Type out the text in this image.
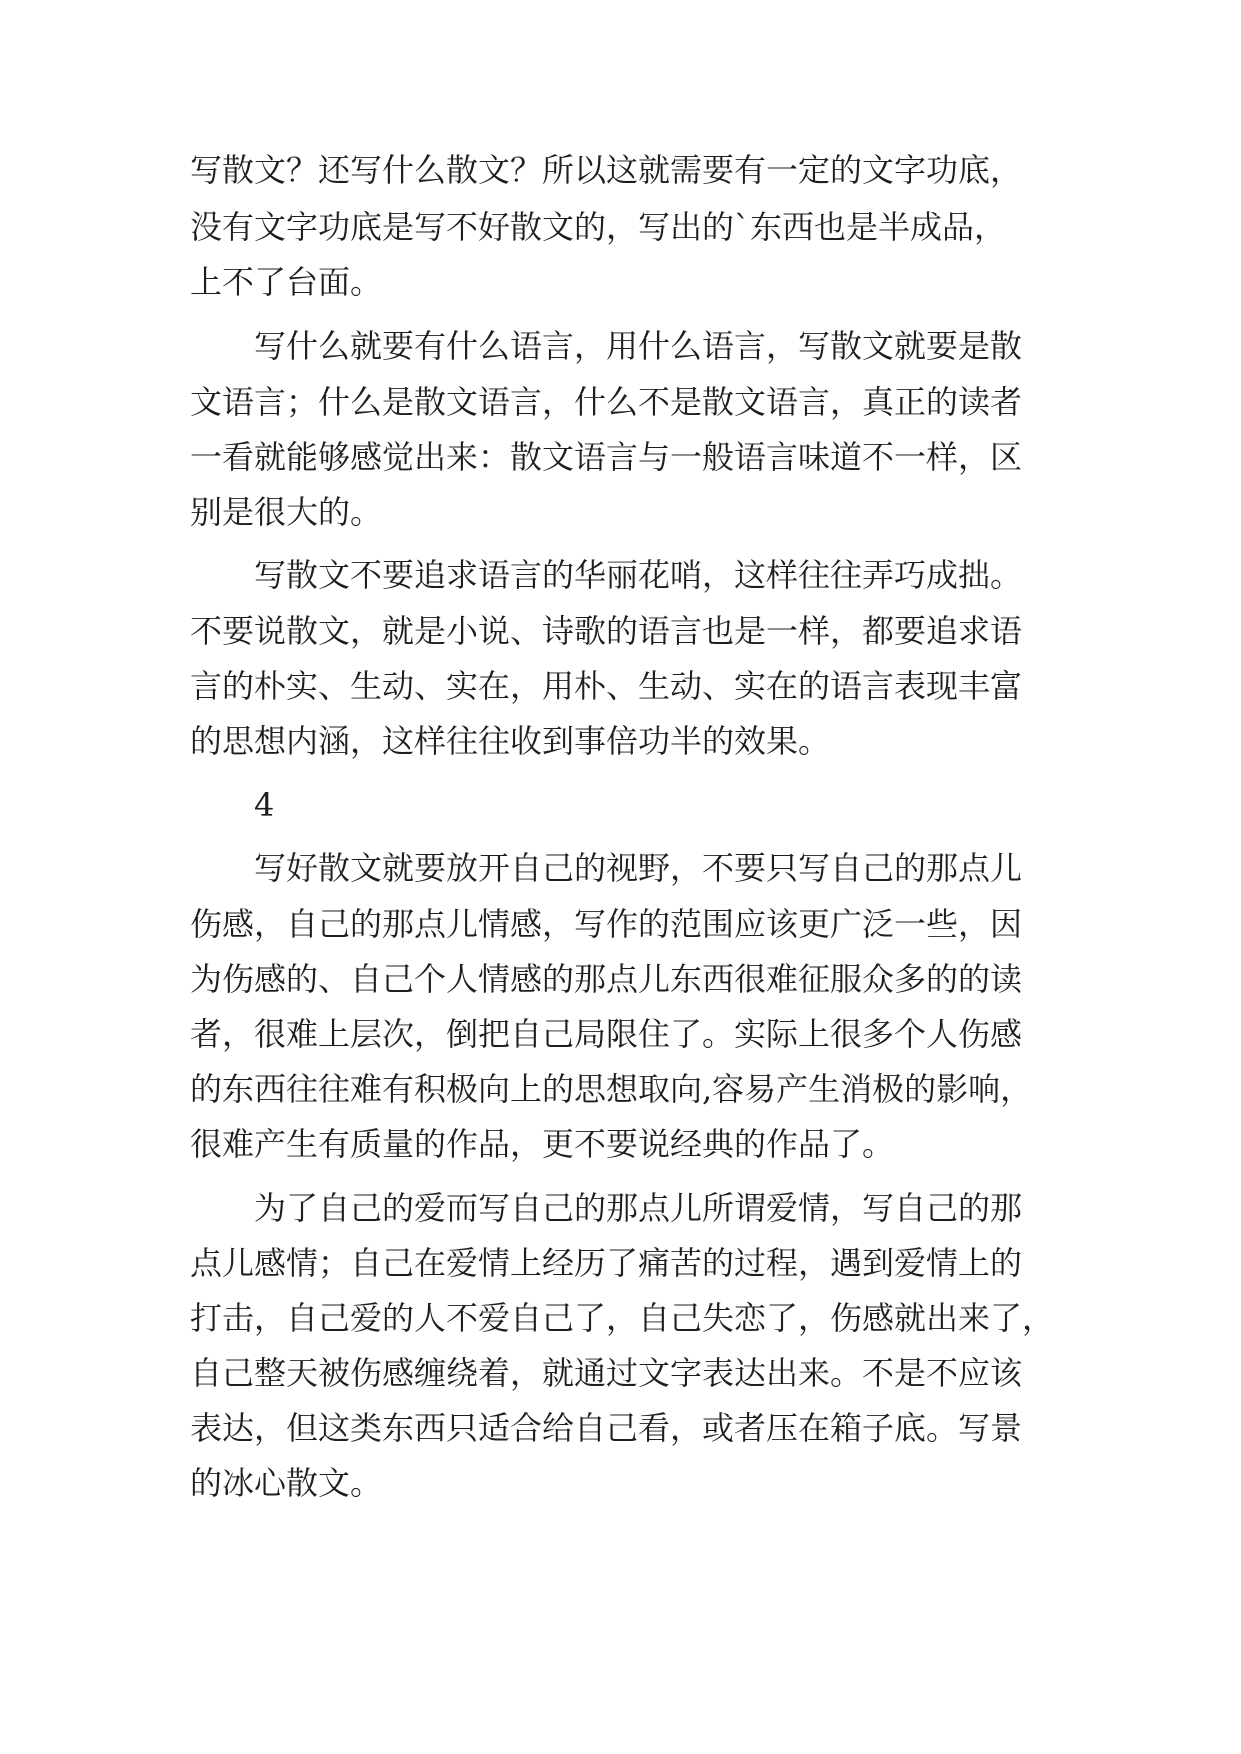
写散文？还写什么散文？所以这就需要有一定的文字功底，
没有文字功底是写不好散文的，写出的`东西也是半成品，
上不了台面。
写什么就要有什么语言，用什么语言，写散文就要是散
文语言；什么是散文语言，什么不是散文语言，真正的读者
一看就能够感觉出来：散文语言与一般语言味道不一样，区
别是很大的。
写散文不要追求语言的华丽花哨，这样往往弄巧成拙。
不要说散文，就是小说、诗歌的语言也是一样，都要追求语
言的朴实、生动、实在，用朴、生动、实在的语言表现丰富
的思想内涵，这样往往收到事倍功半的效果。
4
写好散文就要放开自己的视野，不要只写自己的那点儿
伤感，自己的那点儿情感，写作的范围应该更广泛一些，因
为伤感的、自己个人情感的那点儿东西很难征服众多的的读
者，很难上层次，倒把自己局限住了。实际上很多个人伤感
的东西往往难有积极向上的思想取向,容易产生消极的影响，
很难产生有质量的作品，更不要说经典的作品了。
为了自己的爱而写自己的那点儿所谓爱情，写自己的那
点儿感情；自己在爱情上经历了痛苦的过程，遇到爱情上的
打击，自己爱的人不爱自己了，自己失恋了，伤感就出来了，
自己整天被伤感缠绕着，就通过文字表达出来。不是不应该
表达，但这类东西只适合给自己看，或者压在箱子底。写景
的冰心散文。
